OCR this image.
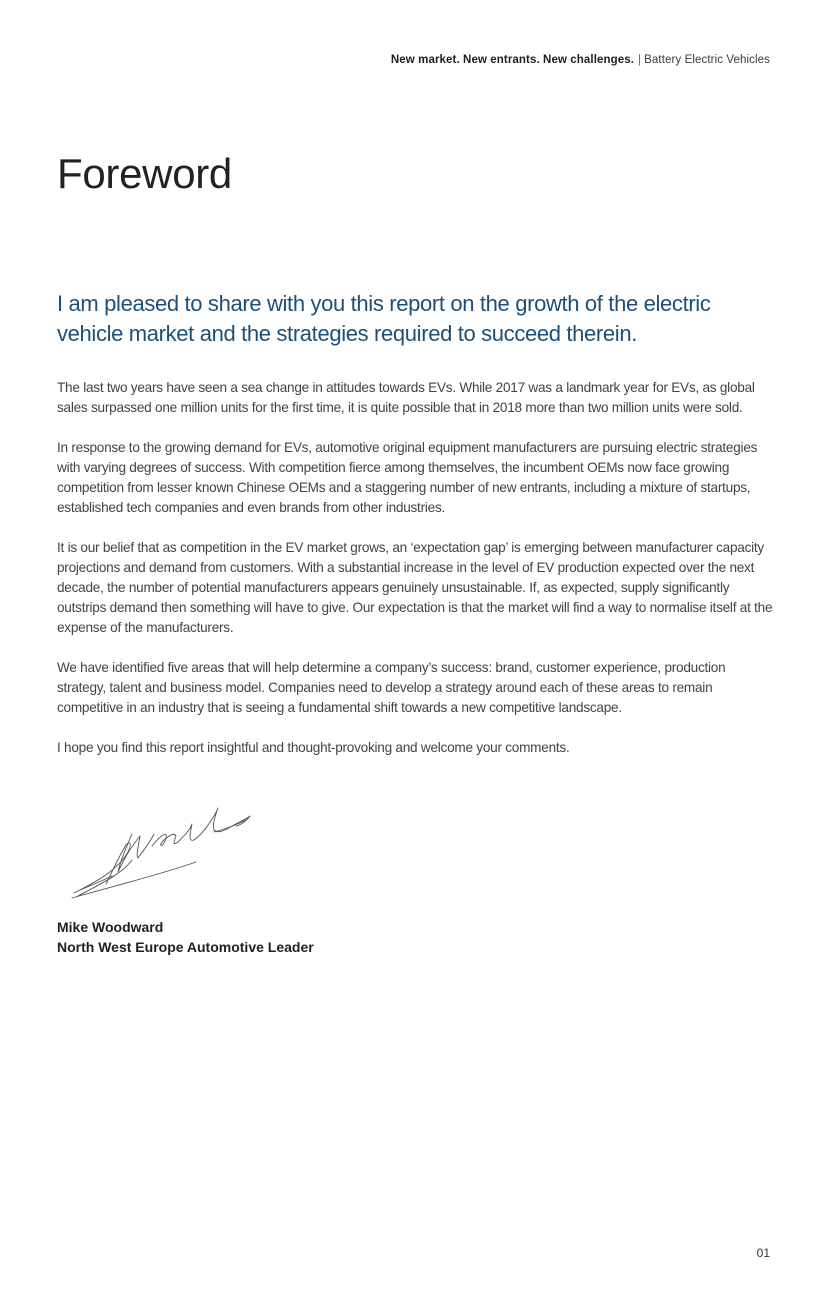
New market. New entrants. New challenges. | Battery Electric Vehicles
Foreword

I am pleased to share with you this report on the growth of the electric vehicle market and the strategies required to succeed therein.

The last two years have seen a sea change in attitudes towards EVs. While 2017 was a landmark year for EVs, as global sales surpassed one million units for the first time, it is quite possible that in 2018 more than two million units were sold.

In response to the growing demand for EVs, automotive original equipment manufacturers are pursuing electric strategies with varying degrees of success. With competition fierce among themselves, the incumbent OEMs now face growing competition from lesser known Chinese OEMs and a staggering number of new entrants, including a mixture of startups, established tech companies and even brands from other industries.

It is our belief that as competition in the EV market grows, an ‘expectation gap’ is emerging between manufacturer capacity projections and demand from customers. With a substantial increase in the level of EV production expected over the next decade, the number of potential manufacturers appears genuinely unsustainable. If, as expected, supply significantly outstrips demand then something will have to give. Our expectation is that the market will find a way to normalise itself at the expense of the manufacturers.

We have identified five areas that will help determine a company’s success: brand, customer experience, production strategy, talent and business model. Companies need to develop a strategy around each of these areas to remain competitive in an industry that is seeing a fundamental shift towards a new competitive landscape.

I hope you find this report insightful and thought-provoking and welcome your comments.

Mike Woodward
North West Europe Automotive Leader
01
